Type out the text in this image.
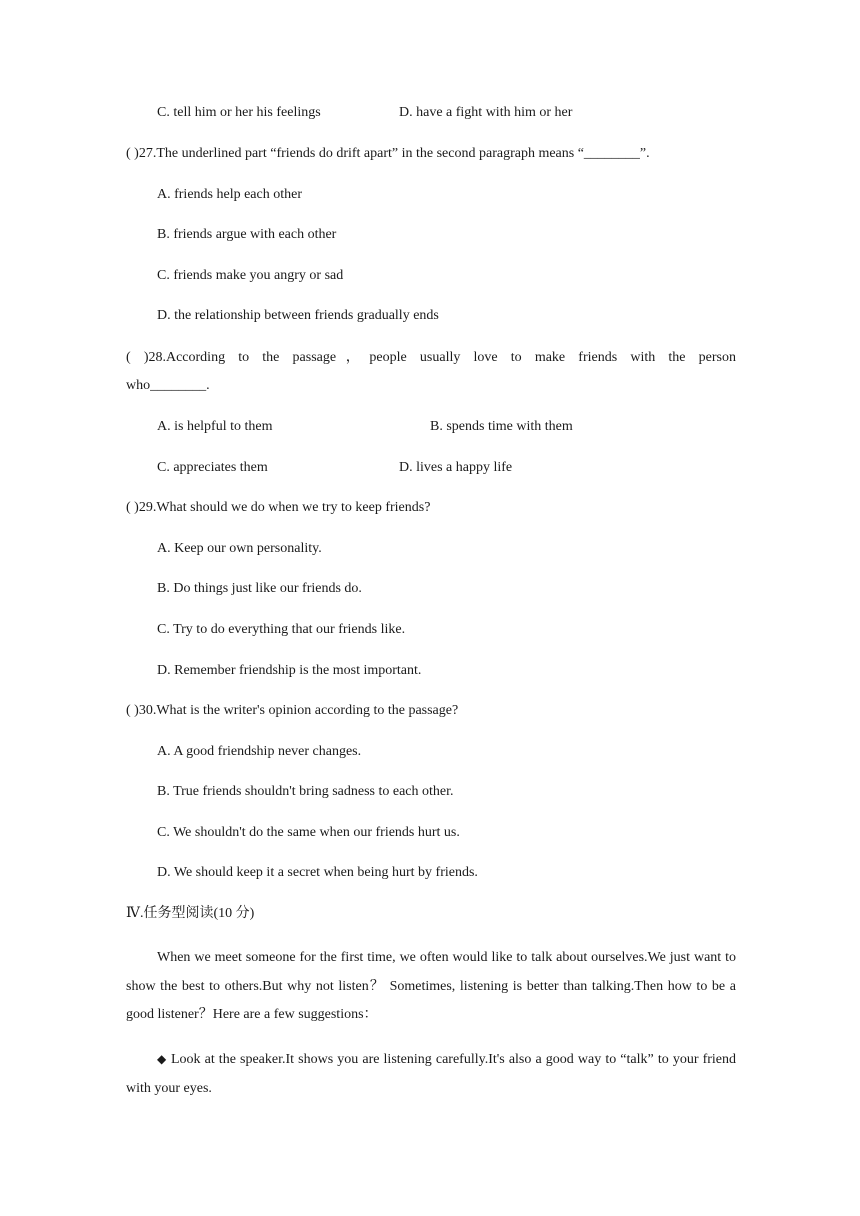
C. tell him or her his feelings	D. have a fight with him or her
( )27.The underlined part “friends do drift apart” in the second paragraph means “________”.
A. friends help each other
B. friends argue with each other
C. friends make you angry or sad
D. the relationship between friends gradually ends
( )28.According to the passage，people usually love to make friends with the person
who________.
A. is helpful to them	B. spends time with them
C. appreciates them	D. lives a happy life
( )29.What should we do when we try to keep friends?
A. Keep our own personality.
B. Do things just like our friends do.
C. Try to do everything that our friends like.
D. Remember friendship is the most important.
( )30.What is the writer's opinion according to the passage?
A. A good friendship never changes.
B. True friends shouldn't bring sadness to each other.
C. We shouldn't do the same when our friends hurt us.
D. We should keep it a secret when being hurt by friends.
Ⅳ.任务型阅读(10 分)
When we meet someone for the first time, we often would like to talk about ourselves.We just want to show the best to others.But why not listen？ Sometimes, listening is better than talking.Then how to be a good listener？Here are a few suggestions：
◆ Look at the speaker.It shows you are listening carefully.It's also a good way to “talk” to your friend with your eyes.
